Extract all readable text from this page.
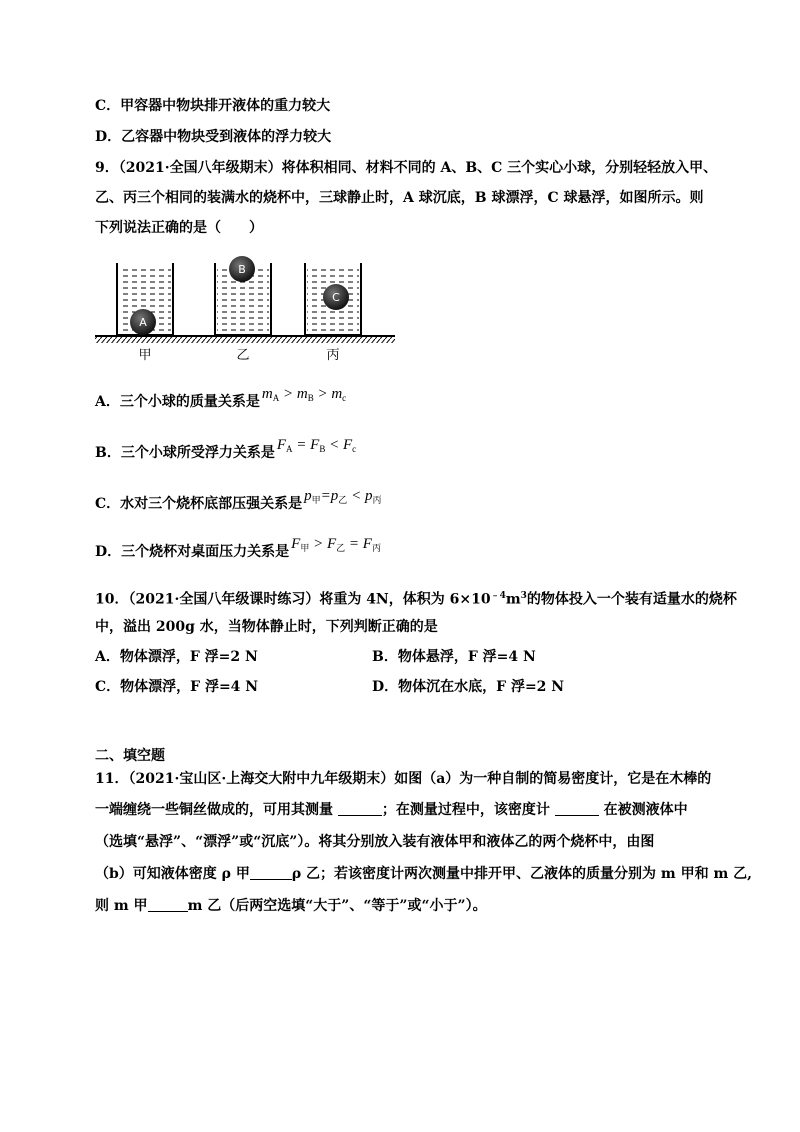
C．甲容器中物块排开液体的重力较大
D．乙容器中物块受到液体的浮力较大
9．（2021·全国八年级期末）将体积相同、材料不同的 A、B、C 三个实心小球，分别轻轻放入甲、
乙、丙三个相同的装满水的烧杯中，三球静止时，A 球沉底，B 球漂浮，C 球悬浮，如图所示。则
下列说法正确的是（　　）
A
B
C
甲	乙	丙
A．三个小球的质量关系是 $m_A > m_B > m_c$
B．三个小球所受浮力关系是 $F_A = F_B < F_c$
C．水对三个烧杯底部压强关系是 $p_甲=p_乙 < p_丙$
D．三个烧杯对桌面压力关系是 $F_甲 > F_乙 = F_丙$
10．（2021·全国八年级课时练习）将重为 4N，体积为 $6\times 10^{﹣4}m^3$的物体投入一个装有适量水的烧杯
中，溢出 200g 水，当物体静止时，下列判断正确的是
A．物体漂浮，F 浮=2 N	B．物体悬浮，F 浮=4 N
C．物体漂浮，F 浮=4 N	D．物体沉在水底，F 浮=2 N
二、填空题
11．（2021·宝山区·上海交大附中九年级期末）如图（a）为一种自制的简易密度计，它是在木棒的
一端缠绕一些铜丝做成的，可用其测量	；在测量过程中，该密度计	在被测液体中
（选填“悬浮”、“漂浮”或“沉底”）。将其分别放入装有液体甲和液体乙的两个烧杯中，由图
（b）可知液体密度 ρ 甲	ρ 乙；若该密度计两次测量中排开甲、乙液体的质量分别为 m 甲和 m 乙,
则 m 甲	m 乙（后两空选填“大于”、“等于”或“小于”）。
